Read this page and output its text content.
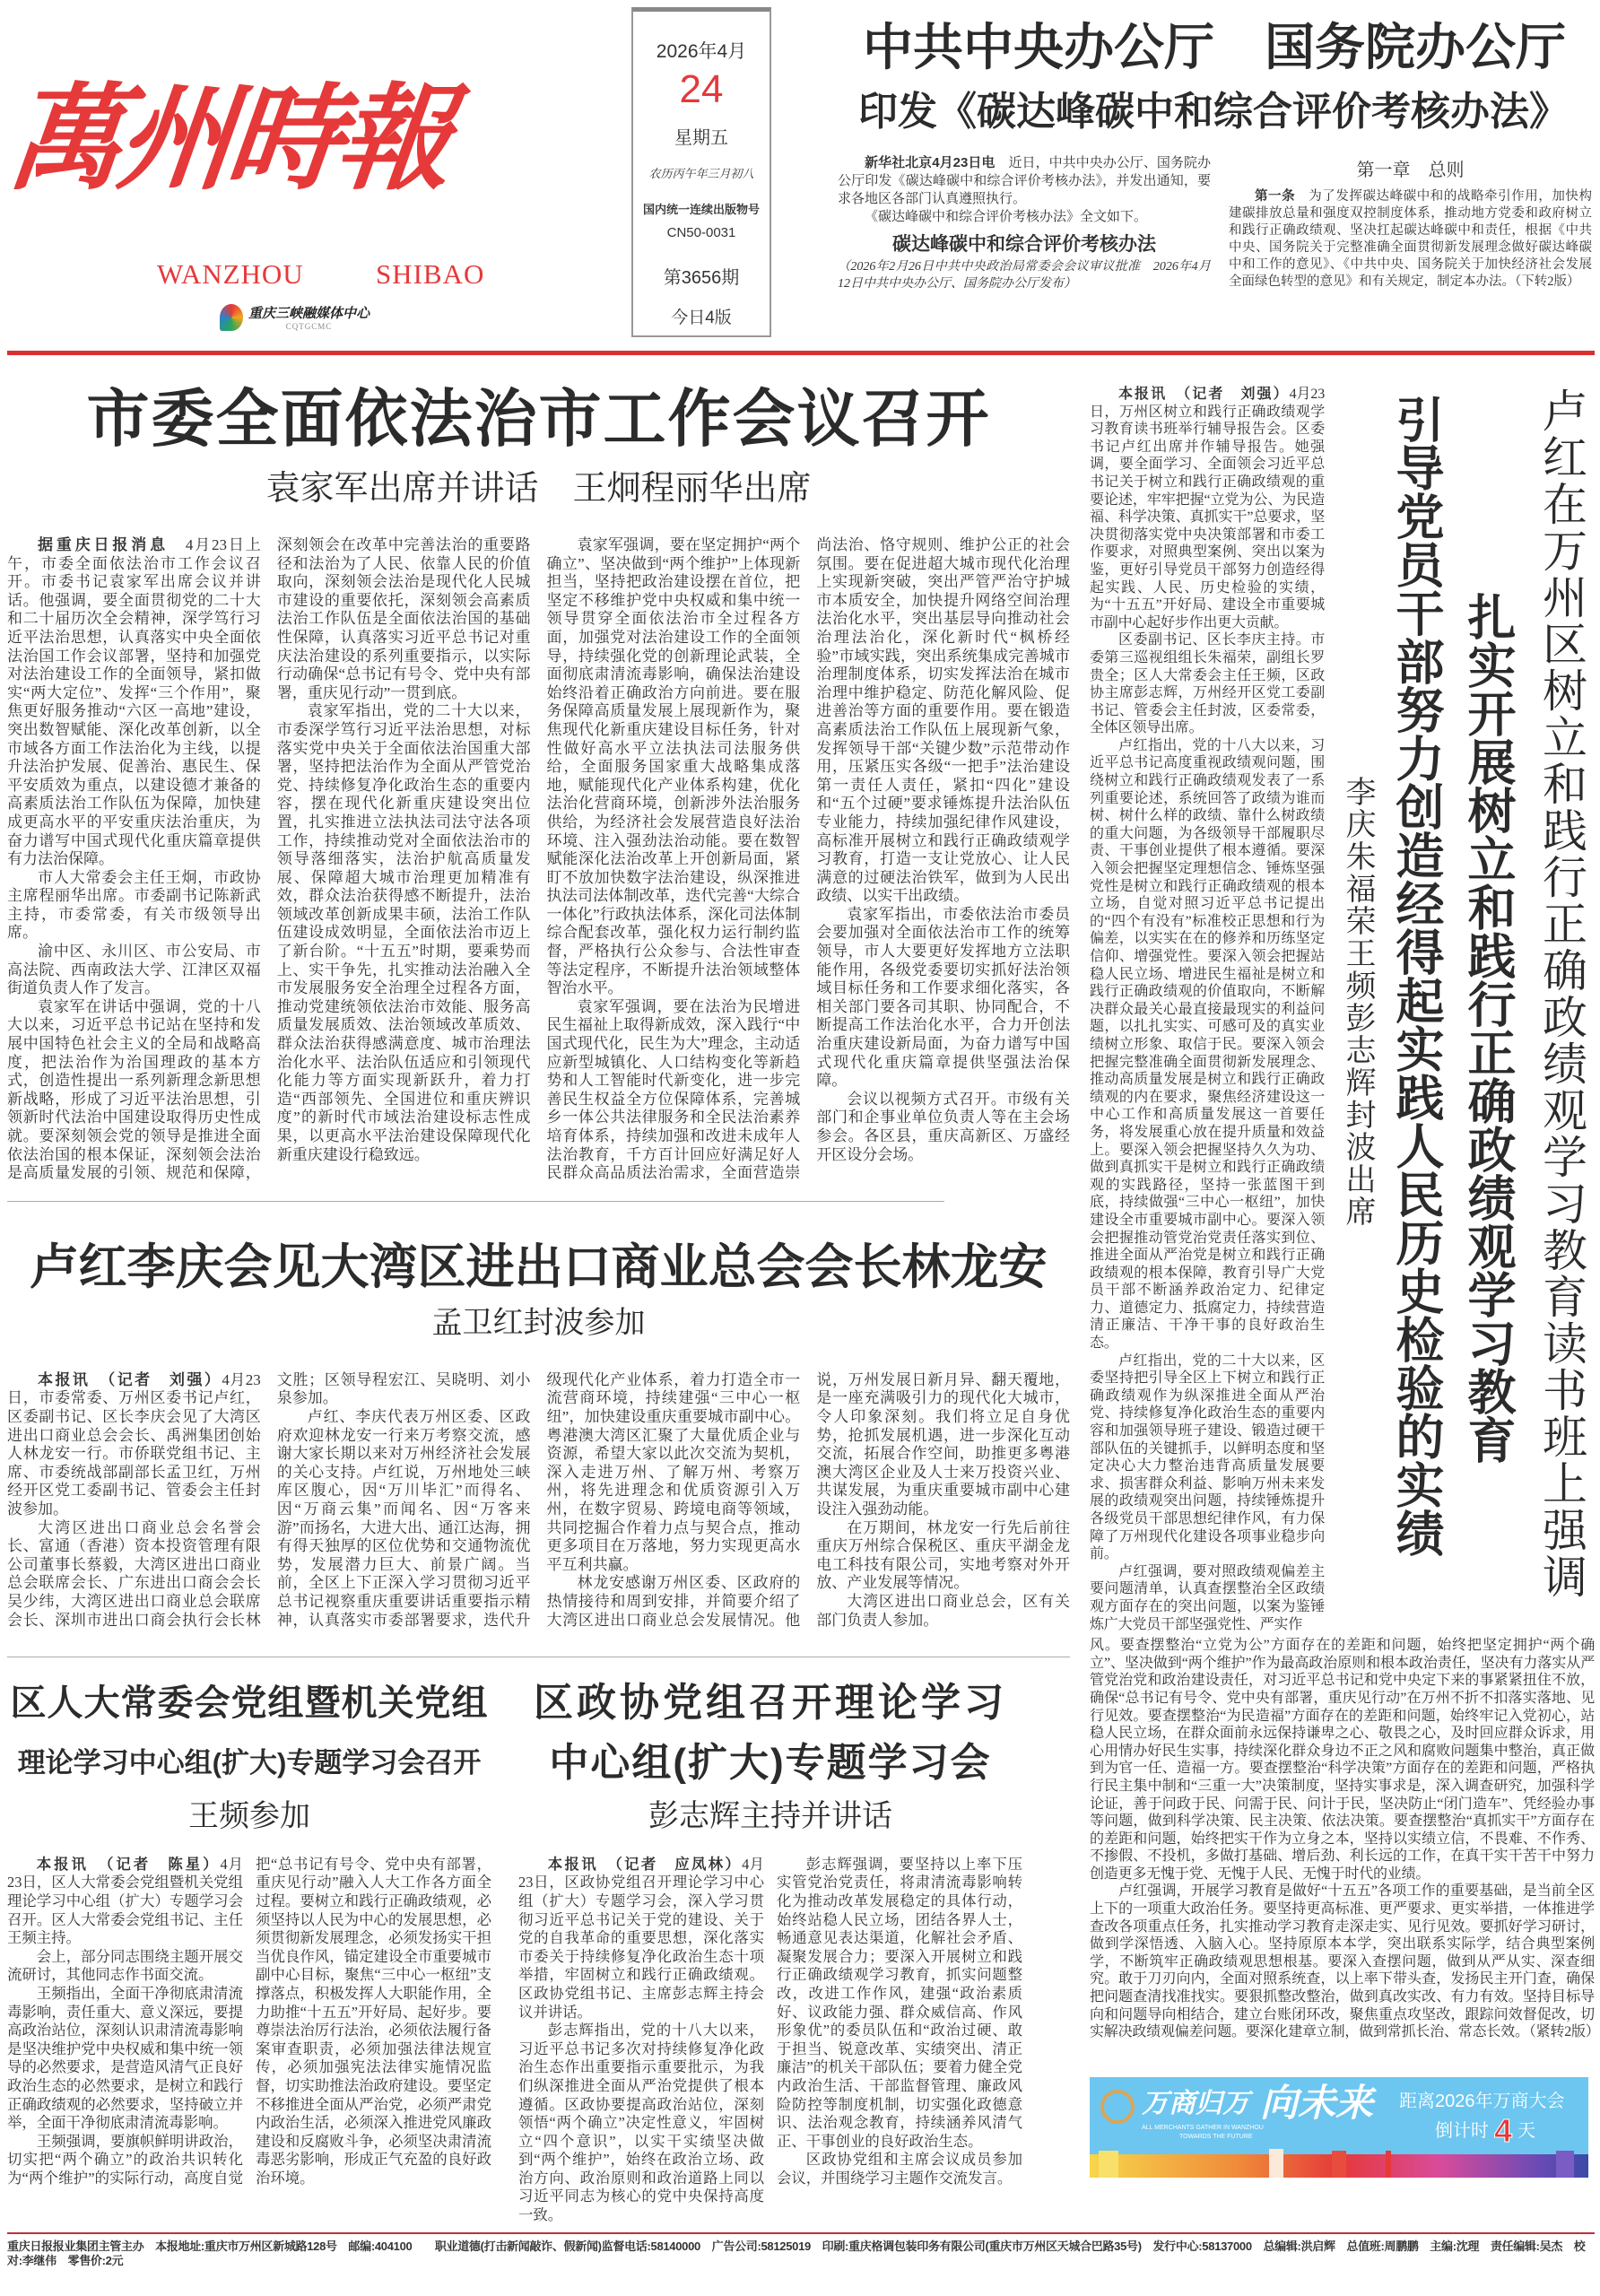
萬州時報
WANZHOU   SHIBAO
重庆三峡融媒体中心
CQTGCMC
2026年4月
24
星期五
农历丙午年三月初八
国内统一连续出版物号
CN50-0031
第3656期
今日4版
中共中央办公厅　国务院办公厅
印发《碳达峰碳中和综合评价考核办法》

新华社北京4月23日电　 近日，中共中央办公厅、国务院办公厅印发《碳达峰碳中和综合评价考核办法》，并发出通知，要求各地区各部门认真遵照执行。

《碳达峰碳中和综合评价考核办法》全文如下。

碳达峰碳中和综合评价考核办法
（2026年2月26日中共中央政治局常委会会议审议批准　2026年4月12日中共中央办公厅、国务院办公厅发布）
第一章　总则

第一条　 为了发挥碳达峰碳中和的战略牵引作用，加快构建碳排放总量和强度双控制度体系，推动地方党委和政府树立和践行正确政绩观、坚决扛起碳达峰碳中和责任，根据《中共中央、国务院关于完整准确全面贯彻新发展理念做好碳达峰碳中和工作的意见》、《中共中央、国务院关于加快经济社会发展全面绿色转型的意见》和有关规定，制定本办法。（下转2版）

市委全面依法治市工作会议召开
袁家军出席并讲话　王炯程丽华出席

据重庆日报消息　 4月23日上午，市委全面依法治市工作会议召开。市委书记袁家军出席会议并讲话。他强调，要全面贯彻党的二十大和二十届历次全会精神，深学笃行习近平法治思想，认真落实中央全面依法治国工作会议部署，坚持和加强党对法治建设工作的全面领导，紧扣做实“两大定位”、发挥“三个作用”，聚焦更好服务推动“六区一高地”建设，突出数智赋能、深化改革创新，以全市域各方面工作法治化为主线，以提升法治护发展、促善治、惠民生、保平安质效为重点，以建设德才兼备的高素质法治工作队伍为保障，加快建成更高水平的平安重庆法治重庆，为奋力谱写中国式现代化重庆篇章提供有力法治保障。

市人大常委会主任王炯，市政协主席程丽华出席。市委副书记陈新武主持，市委常委，有关市级领导出席。

渝中区、永川区、市公安局、市高法院、西南政法大学、江津区双福街道负责人作了发言。

袁家军在讲话中强调，党的十八大以来，习近平总书记站在坚持和发展中国特色社会主义的全局和战略高度，把法治作为治国理政的基本方式，创造性提出一系列新理念新思想新战略，形成了习近平法治思想，引领新时代法治中国建设取得历史性成就。要深刻领会党的领导是推进全面依法治国的根本保证，深刻领会法治是高质量发展的引领、规范和保障，深刻领会在改革中完善法治的重要路径和法治为了人民、依靠人民的价值取向，深刻领会法治是现代化人民城市建设的重要依托，深刻领会高素质法治工作队伍是全面依法治国的基础性保障，认真落实习近平总书记对重庆法治建设的系列重要指示，以实际行动确保“总书记有号令、党中央有部署，重庆见行动”一贯到底。

袁家军指出，党的二十大以来，市委深学笃行习近平法治思想，对标落实党中央关于全面依法治国重大部署，坚持把法治作为全面从严管党治党、持续修复净化政治生态的重要内容，摆在现代化新重庆建设突出位置，扎实推进立法执法司法守法各项工作，持续推动党对全面依法治市的领导落细落实，法治护航高质量发展、保障超大城市治理更加精准有效，群众法治获得感不断提升，法治领域改革创新成果丰硕，法治工作队伍建设成效明显，全面依法治市迈上了新台阶。“十五五”时期，要乘势而上、实干争先，扎实推动法治融入全市发展服务安全治理全过程各方面，推动党建统领依法治市效能、服务高质量发展质效、法治领域改革质效、群众法治获得感满意度、城市治理法治化水平、法治队伍适应和引领现代化能力等方面实现新跃升，着力打造“西部领先、全国进位和重庆辨识度”的新时代市域法治建设标志性成果，以更高水平法治建设保障现代化新重庆建设行稳致远。

袁家军强调，要在坚定拥护“两个确立”、坚决做到“两个维护”上体现新担当，坚持把政治建设摆在首位，把坚定不移维护党中央权威和集中统一领导贯穿全面依法治市全过程各方面，加强党对法治建设工作的全面领导，持续强化党的创新理论武装，全面彻底肃清流毒影响，确保法治建设始终沿着正确政治方向前进。要在服务保障高质量发展上展现新作为，聚焦现代化新重庆建设目标任务，针对性做好高水平立法执法司法服务供给，全面服务国家重大战略集成落地，赋能现代化产业体系构建，优化法治化营商环境，创新涉外法治服务供给，为经济社会发展营造良好法治环境、注入强劲法治动能。要在数智赋能深化法治改革上开创新局面，紧盯不放加快数字法治建设，纵深推进执法司法体制改革，迭代完善“大综合一体化”行政执法体系，深化司法体制综合配套改革，强化权力运行制约监督，严格执行公众参与、合法性审查等法定程序，不断提升法治领域整体智治水平。

袁家军强调，要在法治为民增进民生福祉上取得新成效，深入践行“中国式现代化，民生为大”理念，主动适应新型城镇化、人口结构变化等新趋势和人工智能时代新变化，进一步完善民生权益全方位保障体系，完善城乡一体公共法律服务和全民法治素养培育体系，持续加强和改进未成年人法治教育，千方百计回应好满足好人民群众高品质法治需求，全面营造崇尚法治、恪守规则、维护公正的社会氛围。要在促进超大城市现代化治理上实现新突破，突出严管严治守护城市本质安全，加快提升网络空间治理法治化水平，突出基层导向推动社会治理法治化，深化新时代“枫桥经验”市域实践，突出系统集成完善城市治理制度体系，切实发挥法治在城市治理中维护稳定、防范化解风险、促进善治等方面的重要作用。要在锻造高素质法治工作队伍上展现新气象，发挥领导干部“关键少数”示范带动作用，压紧压实各级“一把手”法治建设第一责任人责任，紧扣“四化”建设和“五个过硬”要求锤炼提升法治队伍专业能力，持续加强纪律作风建设，高标准开展树立和践行正确政绩观学习教育，打造一支让党放心、让人民满意的过硬法治铁军，做到为人民出政绩、以实干出政绩。

袁家军指出，市委依法治市委员会要加强对全面依法治市工作的统筹领导，市人大要更好发挥地方立法职能作用，各级党委要切实抓好法治领域目标任务和工作要求细化落实，各相关部门要各司其职、协同配合，不断提高工作法治化水平，合力开创法治重庆建设新局面，为奋力谱写中国式现代化重庆篇章提供坚强法治保障。

会议以视频方式召开。市级有关部门和企事业单位负责人等在主会场参会。各区县，重庆高新区、万盛经开区设分会场。

卢红李庆会见大湾区进出口商业总会会长林龙安
孟卫红封波参加

本报讯　（记者　刘强）4月23日，市委常委、万州区委书记卢红，区委副书记、区长李庆会见了大湾区进出口商业总会会长、禹洲集团创始人林龙安一行。市侨联党组书记、主席、市委统战部副部长孟卫红，万州经开区党工委副书记、管委会主任封波参加。

大湾区进出口商业总会名誉会长、富通（香港）资本投资管理有限公司董事长蔡毅，大湾区进出口商业总会联席会长、广东进出口商会会长吴少纬，大湾区进出口商业总会联席会长、深圳市进出口商会执行会长林文胜；区领导程宏江、吴晓明、刘小泉参加。

卢红、李庆代表万州区委、区政府欢迎林龙安一行来万考察交流，感谢大家长期以来对万州经济社会发展的关心支持。卢红说，万州地处三峡库区腹心，因“万川毕汇”而得名、因“万商云集”而闻名、因“万客来游”而扬名，大进大出、通江达海，拥有得天独厚的区位优势和交通物流优势，发展潜力巨大、前景广阔。当前，全区上下正深入学习贯彻习近平总书记视察重庆重要讲话重要指示精神，认真落实市委部署要求，迭代升级现代化产业体系，着力打造全市一流营商环境，持续建强“三中心一枢纽”，加快建设重庆重要城市副中心。粤港澳大湾区汇聚了大量优质企业与资源，希望大家以此次交流为契机，深入走进万州、了解万州、考察万州，将先进理念和优质资源引入万州，在数字贸易、跨境电商等领域，共同挖掘合作着力点与契合点，推动更多项目在万落地，努力实现更高水平互利共赢。

林龙安感谢万州区委、区政府的热情接待和周到安排，并简要介绍了大湾区进出口商业总会发展情况。他说，万州发展日新月异、翻天覆地，是一座充满吸引力的现代化大城市，令人印象深刻。我们将立足自身优势，抢抓发展机遇，进一步深化互动交流，拓展合作空间，助推更多粤港澳大湾区企业及人士来万投资兴业、共谋发展，为重庆重要城市副中心建设注入强劲动能。

在万期间，林龙安一行先后前往重庆万州综合保税区、重庆平湖金龙电工科技有限公司，实地考察对外开放、产业发展等情况。

大湾区进出口商业总会，区有关部门负责人参加。

区人大常委会党组暨机关党组
理论学习中心组(扩大)专题学习会召开
王频参加

本报讯　（记者　陈星）4月23日，区人大常委会党组暨机关党组理论学习中心组（扩大）专题学习会召开。区人大常委会党组书记、主任王频主持。

会上，部分同志围绕主题开展交流研讨，其他同志作书面交流。

王频指出，全面干净彻底肃清流毒影响，责任重大、意义深远，要提高政治站位，深刻认识肃清流毒影响是坚决维护党中央权威和集中统一领导的必然要求，是营造风清气正良好政治生态的必然要求，是树立和践行正确政绩观的必然要求，坚持破立并举，全面干净彻底肃清流毒影响。

王频强调，要旗帜鲜明讲政治，切实把“两个确立”的政治共识转化为“两个维护”的实际行动，高度自觉把“总书记有号令、党中央有部署，重庆见行动”融入人大工作各方面全过程。要树立和践行正确政绩观，必须坚持以人民为中心的发展思想，必须贯彻新发展理念，必须发扬实干担当优良作风，锚定建设全市重要城市副中心目标，聚焦“三中心一枢纽”支撑落点，积极发挥人大职能作用，全力助推“十五五”开好局、起好步。要尊崇法治厉行法治，必须依法履行备案审查职责，必须加强法律法规宣传，必须加强宪法法律实施情况监督，切实助推法治政府建设。要坚定不移推进全面从严治党，必须严肃党内政治生活，必须深入推进党风廉政建设和反腐败斗争，必须坚决肃清流毒恶劣影响，形成正气充盈的良好政治环境。

区政协党组召开理论学习
中心组(扩大)专题学习会
彭志辉主持并讲话

本报讯　（记者　应凤林）4月23日，区政协党组召开理论学习中心组（扩大）专题学习会，深入学习贯彻习近平总书记关于党的建设、关于党的自我革命的重要思想，深化落实市委关于持续修复净化政治生态十项举措，牢固树立和践行正确政绩观。区政协党组书记、主席彭志辉主持会议并讲话。

彭志辉指出，党的十八大以来，习近平总书记多次对持续修复净化政治生态作出重要指示重要批示，为我们纵深推进全面从严治党提供了根本遵循。区政协要提高政治站位，深刻领悟“两个确立”决定性意义，牢固树立“四个意识”，以实干实绩坚决做到“两个维护”，始终在政治立场、政治方向、政治原则和政治道路上同以习近平同志为核心的党中央保持高度一致。

彭志辉强调，要坚持以上率下压实管党治党责任，将肃清流毒影响转化为推动改革发展稳定的具体行动，始终站稳人民立场，团结各界人士，畅通意见表达渠道，化解社会矛盾、凝聚发展合力；要深入开展树立和践行正确政绩观学习教育，抓实问题整改，改进工作作风，建强“政治素质好、议政能力强、群众威信高、作风形象优”的委员队伍和“政治过硬、敢于担当、锐意改革、实绩突出、清正廉洁”的机关干部队伍；要着力健全党内政治生活、干部监督管理、廉政风险防控等制度机制，切实强化政德意识、法治观念教育，持续涵养风清气正、干事创业的良好政治生态。

区政协党组和主席会议成员参加会议，并围绕学习主题作交流发言。

本报讯　（记者　刘强）4月23日，万州区树立和践行正确政绩观学习教育读书班举行辅导报告会。区委书记卢红出席并作辅导报告。她强调，要全面学习、全面领会习近平总书记关于树立和践行正确政绩观的重要论述，牢牢把握“立党为公、为民造福、科学决策、真抓实干”总要求，坚决贯彻落实党中央决策部署和市委工作要求，对照典型案例、突出以案为鉴，更好引导党员干部努力创造经得起实践、人民、历史检验的实绩，为“十五五”开好局、建设全市重要城市副中心起好步作出更大贡献。

区委副书记、区长李庆主持。市委第三巡视组组长朱福荣，副组长罗贵全；区人大常委会主任王频，区政协主席彭志辉，万州经开区党工委副书记、管委会主任封波，区委常委，全体区领导出席。

卢红指出，党的十八大以来，习近平总书记高度重视政绩观问题，围绕树立和践行正确政绩观发表了一系列重要论述，系统回答了政绩为谁而树、树什么样的政绩、靠什么树政绩的重大问题，为各级领导干部履职尽责、干事创业提供了根本遵循。要深入领会把握坚定理想信念、锤炼坚强党性是树立和践行正确政绩观的根本立场，自觉对照习近平总书记提出的“四个有没有”标准校正思想和行为偏差，以实实在在的修养和历练坚定信仰、增强党性。要深入领会把握站稳人民立场、增进民生福祉是树立和践行正确政绩观的价值取向，不断解决群众最关心最直接最现实的利益问题，以扎扎实实、可感可及的真实业绩树立形象、取信于民。要深入领会把握完整准确全面贯彻新发展理念、推动高质量发展是树立和践行正确政绩观的内在要求，聚焦经济建设这一中心工作和高质量发展这一首要任务，将发展重心放在提升质量和效益上。要深入领会把握坚持久久为功、做到真抓实干是树立和践行正确政绩观的实践路径，坚持一张蓝图干到底，持续做强“三中心一枢纽”，加快建设全市重要城市副中心。要深入领会把握推动管党治党责任落实到位、推进全面从严治党是树立和践行正确政绩观的根本保障，教育引导广大党员干部不断涵养政治定力、纪律定力、道德定力、抵腐定力，持续营造清正廉洁、干净干事的良好政治生态。

卢红指出，党的二十大以来，区委坚持把引导全区上下树立和践行正确政绩观作为纵深推进全面从严治党、持续修复净化政治生态的重要内容和加强领导班子建设、锻造过硬干部队伍的关键抓手，以鲜明态度和坚定决心大力整治违背高质量发展要求、损害群众利益、影响万州未来发展的政绩观突出问题，持续锤炼提升各级党员干部思想纪律作风，有力保障了万州现代化建设各项事业稳步向前。

卢红强调，要对照政绩观偏差主要问题清单，认真查摆整治全区政绩观方面存在的突出问题，以案为鉴锤炼广大党员干部坚强党性、严实作

卢红在万州区树立和践行正确政绩观学习教育读书班上强调
扎实开展树立和践行正确政绩观学习教育
引导党员干部努力创造经得起实践人民历史检验的实绩
李庆朱福荣王频彭志辉封波出席

风。要查摆整治“立党为公”方面存在的差距和问题，始终把坚定拥护“两个确立”、坚决做到“两个维护”作为最高政治原则和根本政治责任，坚决有力落实从严管党治党和政治建设责任，对习近平总书记和党中央定下来的事紧紧扭住不放，确保“总书记有号令、党中央有部署，重庆见行动”在万州不折不扣落实落地、见行见效。要查摆整治“为民造福”方面存在的差距和问题，始终牢记入党初心，站稳人民立场，在群众面前永远保持谦卑之心、敬畏之心，及时回应群众诉求，用心用情办好民生实事，持续深化群众身边不正之风和腐败问题集中整治，真正做到为官一任、造福一方。要查摆整治“科学决策”方面存在的差距和问题，严格执行民主集中制和“三重一大”决策制度，坚持实事求是，深入调查研究，加强科学论证，善于问政于民、问需于民、问计于民，坚决防止“闭门造车”、凭经验办事等问题，做到科学决策、民主决策、依法决策。要查摆整治“真抓实干”方面存在的差距和问题，始终把实干作为立身之本，坚持以实绩立信，不畏难、不作秀、不掺假、不投机，多做打基础、增后劲、利长远的工作，在真干实干苦干中努力创造更多无愧于党、无愧于人民、无愧于时代的业绩。

卢红强调，开展学习教育是做好“十五五”各项工作的重要基础，是当前全区上下的一项重大政治任务。要坚持更高标准、更严要求、更实举措，一体推进学查改各项重点任务，扎实推动学习教育走深走实、见行见效。要抓好学习研讨，做到学深悟透、入脑入心。坚持原原本本学，突出联系实际学，结合典型案例学，不断筑牢正确政绩观思想根基。要深入查摆问题，做到从严从实、深查细究。敢于刀刃向内，全面对照系统查，以上率下带头查，发扬民主开门查，确保把问题查清找准找实。要狠抓整改整治，做到真改实改、有力有效。坚持目标导向和问题导向相结合，建立台账闭环改，聚焦重点攻坚改，跟踪问效督促改，切实解决政绩观偏差问题。要深化建章立制，做到常抓长治、常态长效。（紧转2版）

万商归万 向未来
ALL MERCHANTS GATHER IN WANZHOU
TOWARDS THE FUTURE
距离2026年万商大会
倒计时 4 天
重庆日报报业集团主管主办　本报地址:重庆市万州区新城路128号　邮编:404100　　职业道德(打击新闻敲诈、假新闻)监督电话:58140000　广告公司:58125019　印刷:重庆格调包装印务有限公司(重庆市万州区天城合巴路35号)　发行中心:58137000　总编辑:洪启辉　总值班:周鹏鹏　主编:沈理　责任编辑:吴杰　校对:李继伟　零售价:2元
